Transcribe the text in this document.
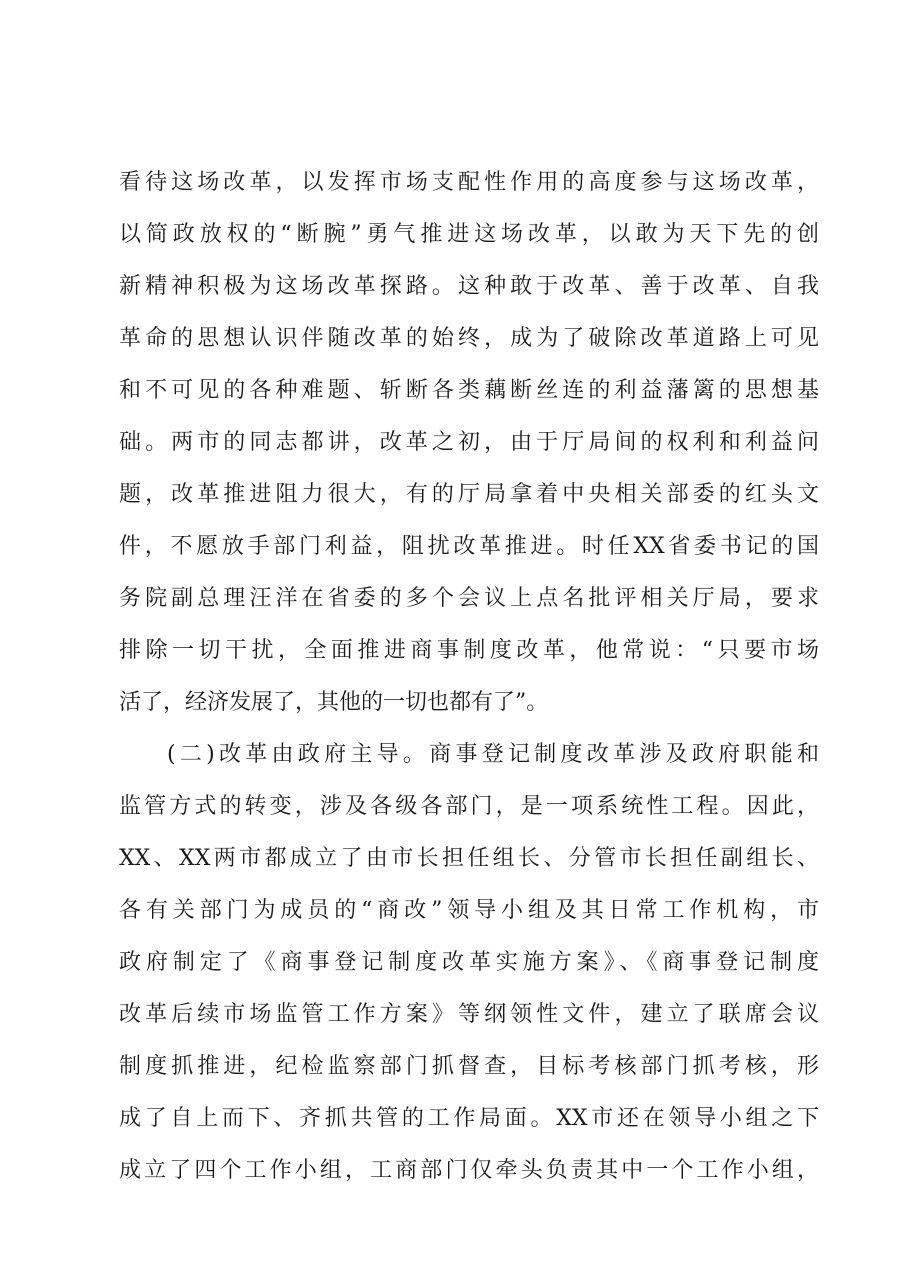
看待这场改革，以发挥市场支配性作用的高度参与这场改革，
以简政放权的“断腕”勇气推进这场改革，以敢为天下先的创
新精神积极为这场改革探路。这种敢于改革、善于改革、自我
革命的思想认识伴随改革的始终，成为了破除改革道路上可见
和不可见的各种难题、斩断各类藕断丝连的利益藩篱的思想基
础。两市的同志都讲，改革之初，由于厅局间的权利和利益问
题，改革推进阻力很大，有的厅局拿着中央相关部委的红头文
件，不愿放手部门利益，阻扰改革推进。时任XX省委书记的国
务院副总理汪洋在省委的多个会议上点名批评相关厅局，要求
排除一切干扰，全面推进商事制度改革，他常说：“只要市场
活了，经济发展了，其他的一切也都有了”。
(二)改革由政府主导。商事登记制度改革涉及政府职能和
监管方式的转变，涉及各级各部门，是一项系统性工程。因此，
XX、XX两市都成立了由市长担任组长、分管市长担任副组长、
各有关部门为成员的“商改”领导小组及其日常工作机构，市
政府制定了《商事登记制度改革实施方案》、《商事登记制度
改革后续市场监管工作方案》等纲领性文件，建立了联席会议
制度抓推进，纪检监察部门抓督查，目标考核部门抓考核，形
成了自上而下、齐抓共管的工作局面。XX市还在领导小组之下
成立了四个工作小组，工商部门仅牵头负责其中一个工作小组，
